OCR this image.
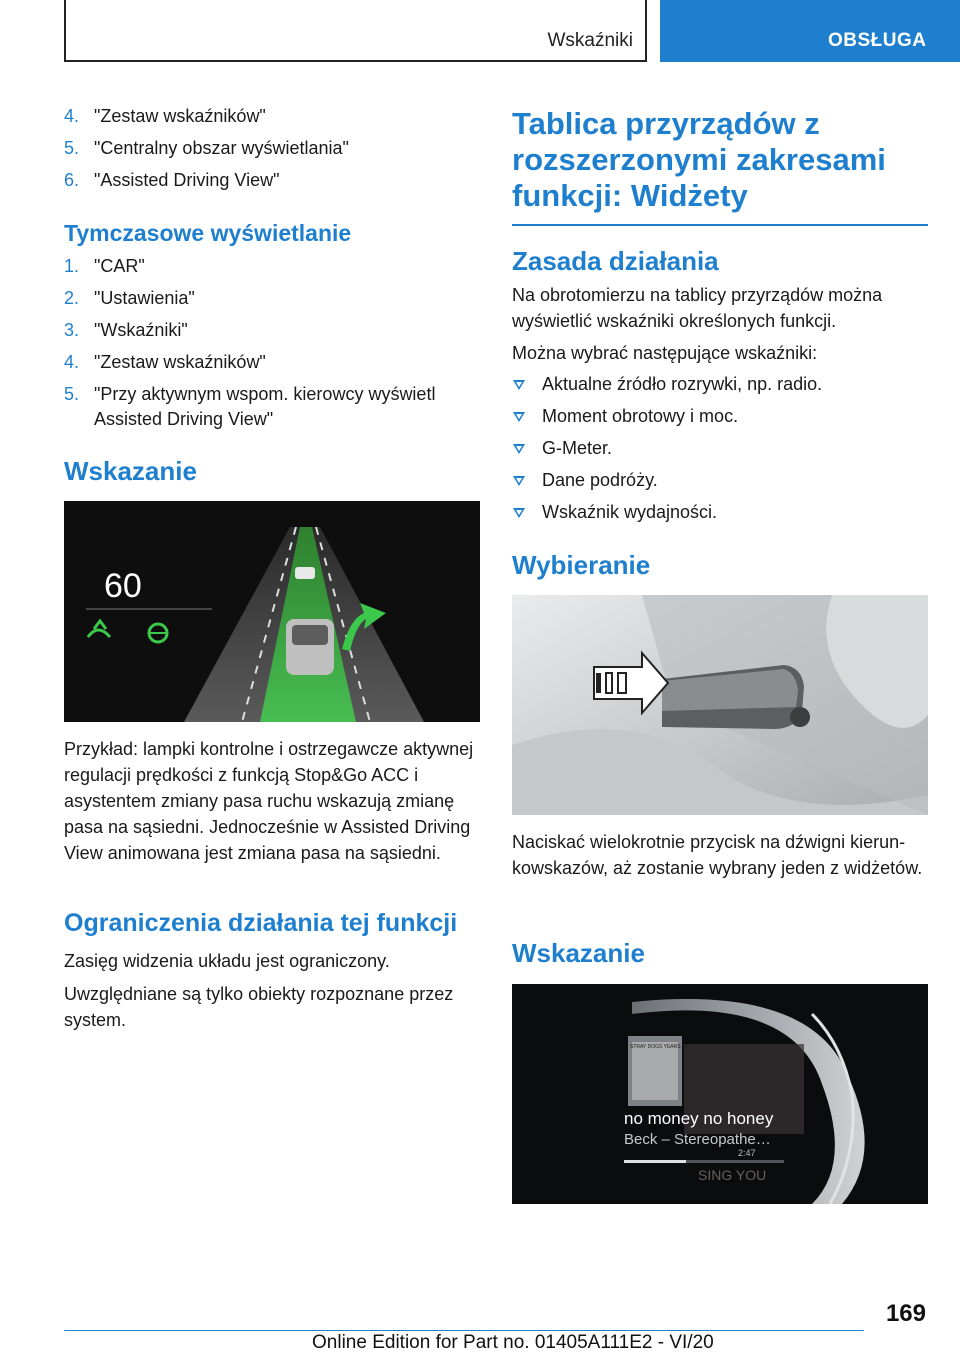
Wskaźniki	OBSŁUGA
4. "Zestaw wskaźników"
5. "Centralny obszar wyświetlania"
6. "Assisted Driving View"
Tymczasowe wyświetlanie
1. "CAR"
2. "Ustawienia"
3. "Wskaźniki"
4. "Zestaw wskaźników"
5. "Przy aktywnym wspom. kierowcy wyświetl Assisted Driving View"
Wskazanie
60

Przykład: lampki kontrolne i ostrzegawcze aktywnej regulacji prędkości z funkcją Stop&Go ACC i asystentem zmiany pasa ruchu wskazują zmianę pasa na sąsiedni. Jednocześnie w Assisted Driving View animowana jest zmiana pasa na sąsiedni.

Ograniczenia działania tej funkcji

Zasięg widzenia układu jest ograniczony.

Uwzględniane są tylko obiekty rozpoznane przez system.

Tablica przyrządów z rozszerzonymi zakresami funkcji: Widżety
Zasada działania

Na obrotomierzu na tablicy przyrządów można wyświetlić wskaźniki określonych funkcji.

Można wybrać następujące wskaźniki:

Aktualne źródło rozrywki, np. radio.
Moment obrotowy i moc.
G-Meter.
Dane podróży.
Wskaźnik wydajności.
Wybieranie

Naciskać wielokrotnie przycisk na dźwigni kierunkowskazów, aż zostanie wybrany jeden z widżetów.

Wskazanie
STRAY DOGS YEARS INC
no money no honey
Beck – Stereopathe…
2:47
SING YOU
169
Online Edition for Part no. 01405A111E2 - VI/20
